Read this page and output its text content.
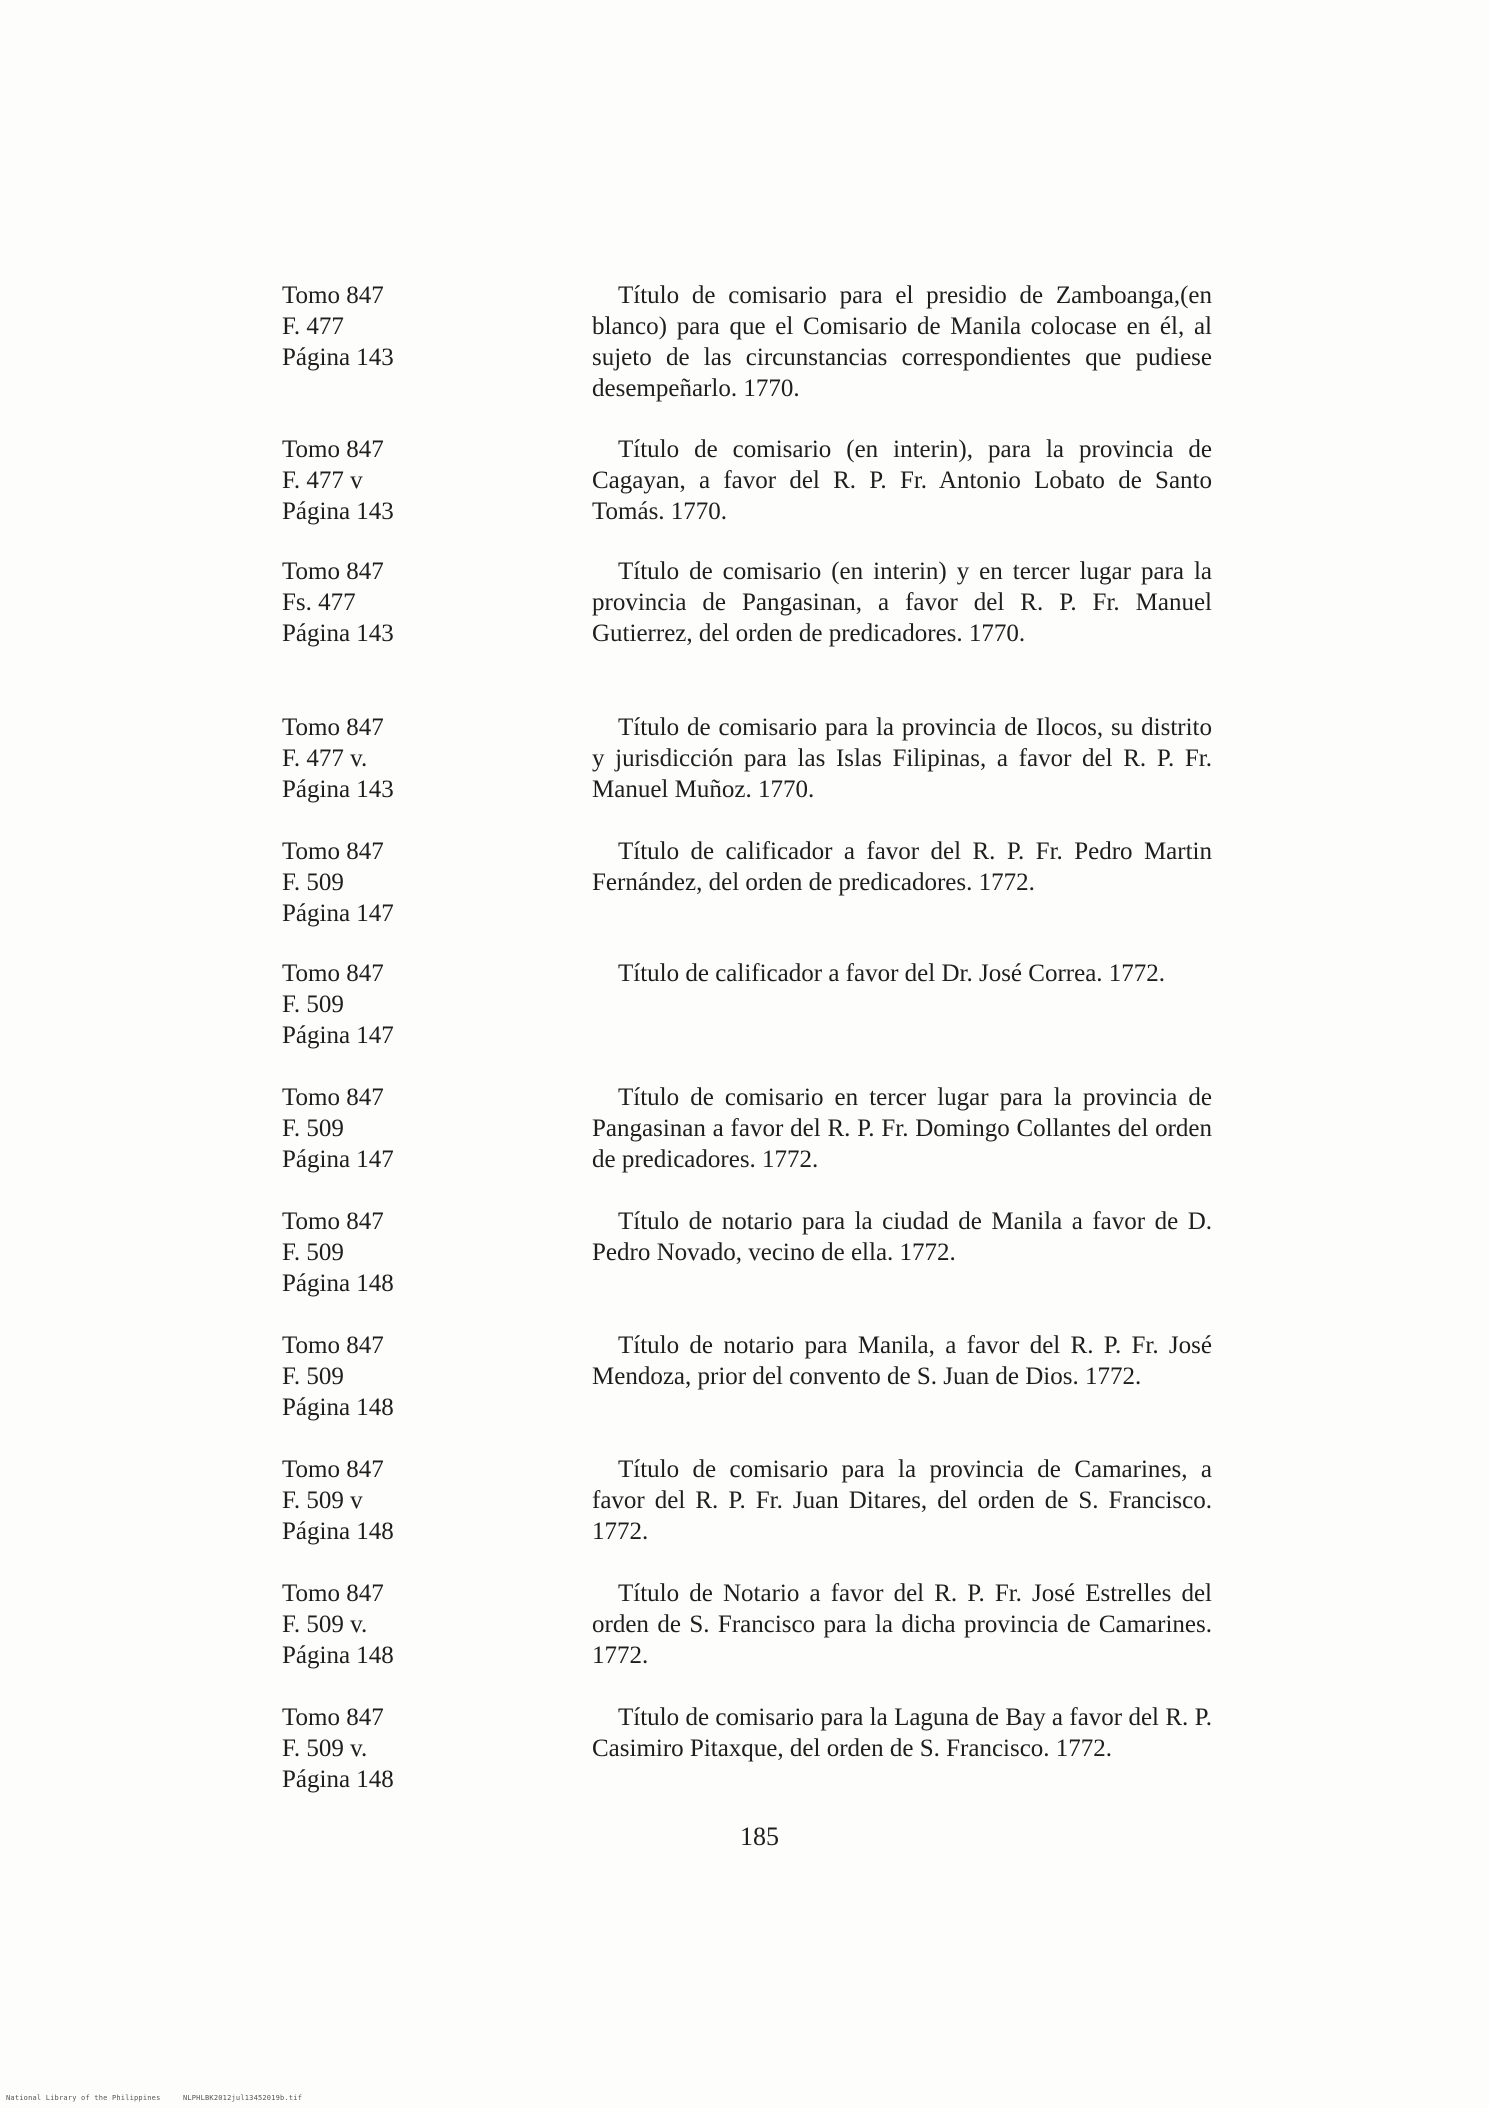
Tomo 847
F. 477
Página 143
Título de comisario para el presidio de Zamboanga,(en blanco) para que el Comisario de Manila colocase en él, al sujeto de las circunstancias correspondientes que pudiese desempeñarlo. 1770.
Tomo 847
F. 477 v
Página 143
Título de comisario (en interin), para la provincia de Cagayan, a favor del R. P. Fr. Antonio Lobato de Santo Tomás. 1770.
Tomo 847
Fs. 477
Página 143
Título de comisario (en interin) y en tercer lugar para la provincia de Pangasinan, a favor del R. P. Fr. Manuel Gutierrez, del orden de predicadores. 1770.
Tomo 847
F. 477 v.
Página 143
Título de comisario para la provincia de Ilocos, su distrito y jurisdicción para las Islas Filipinas, a favor del R. P. Fr. Manuel Muñoz. 1770.
Tomo 847
F. 509
Página 147
Título de calificador a favor del R. P. Fr. Pedro Martin Fernández, del orden de predicadores. 1772.
Tomo 847
F. 509
Página 147
Título de calificador a favor del Dr. José Correa. 1772.
Tomo 847
F. 509
Página 147
Título de comisario en tercer lugar para la provincia de Pangasinan a favor del R. P. Fr. Domingo Collantes del orden de predicadores. 1772.
Tomo 847
F. 509
Página 148
Título de notario para la ciudad de Manila a favor de D. Pedro Novado, vecino de ella. 1772.
Tomo 847
F. 509
Página 148
Título de notario para Manila, a favor del R. P. Fr. José Mendoza, prior del convento de S. Juan de Dios. 1772.
Tomo 847
F. 509 v
Página 148
Título de comisario para la provincia de Camarines, a favor del R. P. Fr. Juan Ditares, del orden de S. Francisco. 1772.
Tomo 847
F. 509 v.
Página 148
Título de Notario a favor del R. P. Fr. José Estrelles del orden de S. Francisco para la dicha provincia de Camarines. 1772.
Tomo 847
F. 509 v.
Página 148
Título de comisario para la Laguna de Bay a favor del R. P. Casimiro Pitaxque, del orden de S. Francisco. 1772.
185
National Library of the Philippines	NLPHLBK2012jul13452019b.tif
